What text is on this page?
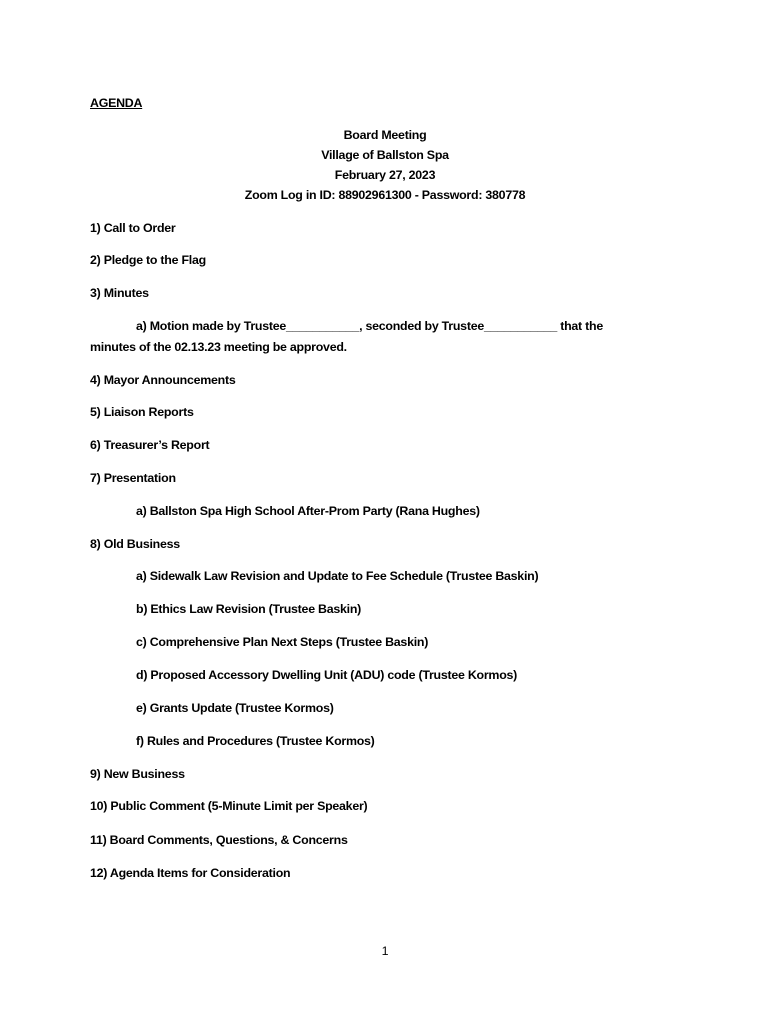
AGENDA
Board Meeting
Village of Ballston Spa
February 27, 2023
Zoom Log in ID: 88902961300 - Password: 380778
1) Call to Order
2) Pledge to the Flag
3) Minutes
a) Motion made by Trustee___________, seconded by Trustee___________ that the
minutes of the 02.13.23 meeting be approved.
4) Mayor Announcements
5) Liaison Reports
6) Treasurer’s Report
7) Presentation
a) Ballston Spa High School After-Prom Party (Rana Hughes)
8) Old Business
a) Sidewalk Law Revision and Update to Fee Schedule (Trustee Baskin)
b) Ethics Law Revision (Trustee Baskin)
c) Comprehensive Plan Next Steps (Trustee Baskin)
d) Proposed Accessory Dwelling Unit (ADU) code (Trustee Kormos)
e) Grants Update (Trustee Kormos)
f) Rules and Procedures (Trustee Kormos)
9) New Business
10) Public Comment (5-Minute Limit per Speaker)
11) Board Comments, Questions, & Concerns
12) Agenda Items for Consideration
1
